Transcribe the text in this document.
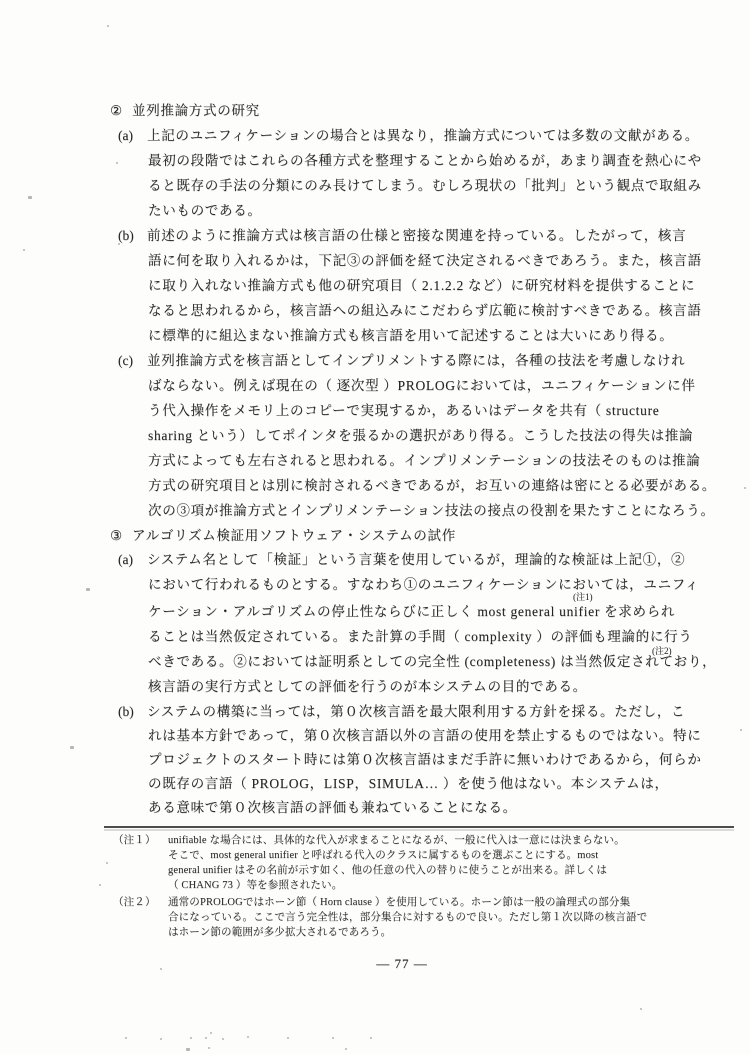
② 並列推論方式の研究
(a) 上記のユニフィケーションの場合とは異なり，推論方式については多数の文献がある。
最初の段階ではこれらの各種方式を整理することから始めるが，あまり調査を熱心にや
ると既存の手法の分類にのみ長けてしまう。むしろ現状の「批判」という観点で取組み
たいものである。
(b) 前述のように推論方式は核言語の仕様と密接な関連を持っている。したがって，核言
語に何を取り入れるかは，下記③の評価を経て決定されるべきであろう。また，核言語
に取り入れない推論方式も他の研究項目（ 2.1.2.2 など）に研究材料を提供することに
なると思われるから，核言語への組込みにこだわらず広範に検討すべきである。核言語
に標準的に組込まない推論方式も核言語を用いて記述することは大いにあり得る。
(c) 並列推論方式を核言語としてインプリメントする際には，各種の技法を考慮しなけれ
ばならない。例えば現在の（ 逐次型 ）PROLOGにおいては，ユニフィケーションに伴
う代入操作をメモリ上のコピーで実現するか，あるいはデータを共有（ structure
sharing という）してポインタを張るかの選択があり得る。こうした技法の得失は推論
方式によっても左右されると思われる。インプリメンテーションの技法そのものは推論
方式の研究項目とは別に検討されるべきであるが，お互いの連絡は密にとる必要がある。
次の③項が推論方式とインプリメンテーション技法の接点の役割を果たすことになろう。
③ アルゴリズム検証用ソフトウェア・システムの試作
(a) システム名として「検証」という言葉を使用しているが，理論的な検証は上記①，②
において行われるものとする。すなわち①のユニフィケーションにおいては，ユニフィ
ケーション・アルゴリズムの停止性ならびに正しく most general unifier を求められ
ることは当然仮定されている。また計算の手間（ complexity ）の評価も理論的に行う
べきである。②においては証明系としての完全性 (completeness) は当然仮定されており，
核言語の実行方式としての評価を行うのが本システムの目的である。
(注1)
(注2)
(b) システムの構築に当っては，第０次核言語を最大限利用する方針を採る。ただし，こ
れは基本方針であって，第０次核言語以外の言語の使用を禁止するものではない。特に
プロジェクトのスタート時には第０次核言語はまだ手許に無いわけであるから，何らか
の既存の言語（ PROLOG，LISP，SIMULA… ）を使う他はない。本システムは，
ある意味で第０次核言語の評価も兼ねていることになる。
（注１） unifiable な場合には、具体的な代入が求まることになるが、一般に代入は一意には決まらない。
そこで、most general unifier と呼ばれる代入のクラスに属するものを選ぶことにする。most
general unifier はその名前が示す如く、他の任意の代入の替りに使うことが出来る。詳しくは
（ CHANG 73 ）等を参照されたい。
（注２） 通常のPROLOGではホーン節（ Horn clause ）を使用している。ホーン節は一般の論理式の部分集
合になっている。ここで言う完全性は，部分集合に対するもので良い。ただし第１次以降の核言語で
はホーン節の範囲が多少拡大されるであろう。
— 77 —
